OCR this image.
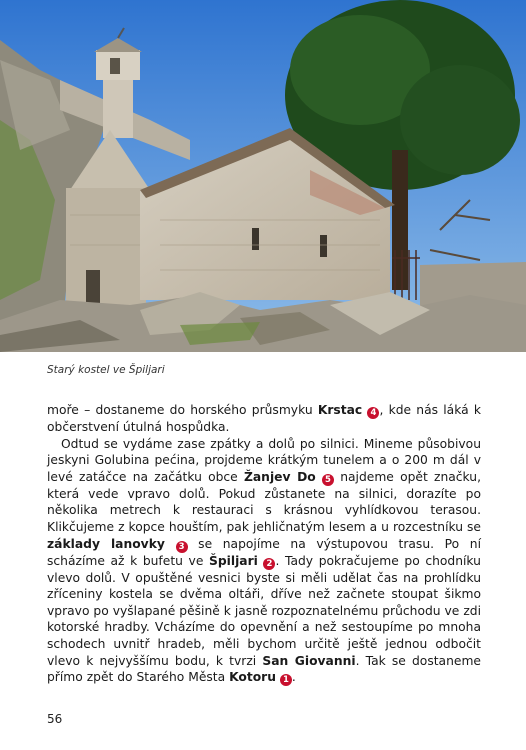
Starý kostel ve Špiljari

moře – dostaneme do horského průsmyku Krstac 4 , kde nás láká k občerstvení útulná hospůdka.

Odtud se vydáme zase zpátky a dolů po silnici. Mineme působivou jeskyni Golubina pećina, projdeme krátkým tunelem a o 200 m dál v levé zatáčce na začátku obce Žanjev Do 5 najdeme opět značku, která vede vpravo dolů. Pokud zůstanete na silnici, dorazíte po několika metrech k restauraci s krásnou vyhlídkovou terasou. Klikčujeme z kopce houštím, pak jehličnatým lesem a u rozcestníku se základy lanovky 3 se napojíme na výstupovou trasu. Po ní scházíme až k bufetu ve Špiljari 2 . Tady pokračujeme po chodníku vlevo dolů. V opuštěné vesnici byste si měli udělat čas na prohlídku zříceniny kostela se dvěma oltáři, dříve než začnete stoupat šikmo vpravo po vyšlapané pěšině k jasně rozpoznatelnému průchodu ve zdi kotorské hradby. Vcházíme do opevnění a než sestoupíme po mnoha schodech uvnitř hradeb, měli bychom určitě ještě jednou odbočit vlevo k nejvyššímu bodu, k tvrzi San Giovanni. Tak se dostaneme přímo zpět do Starého Města Kotoru 1 .

56
